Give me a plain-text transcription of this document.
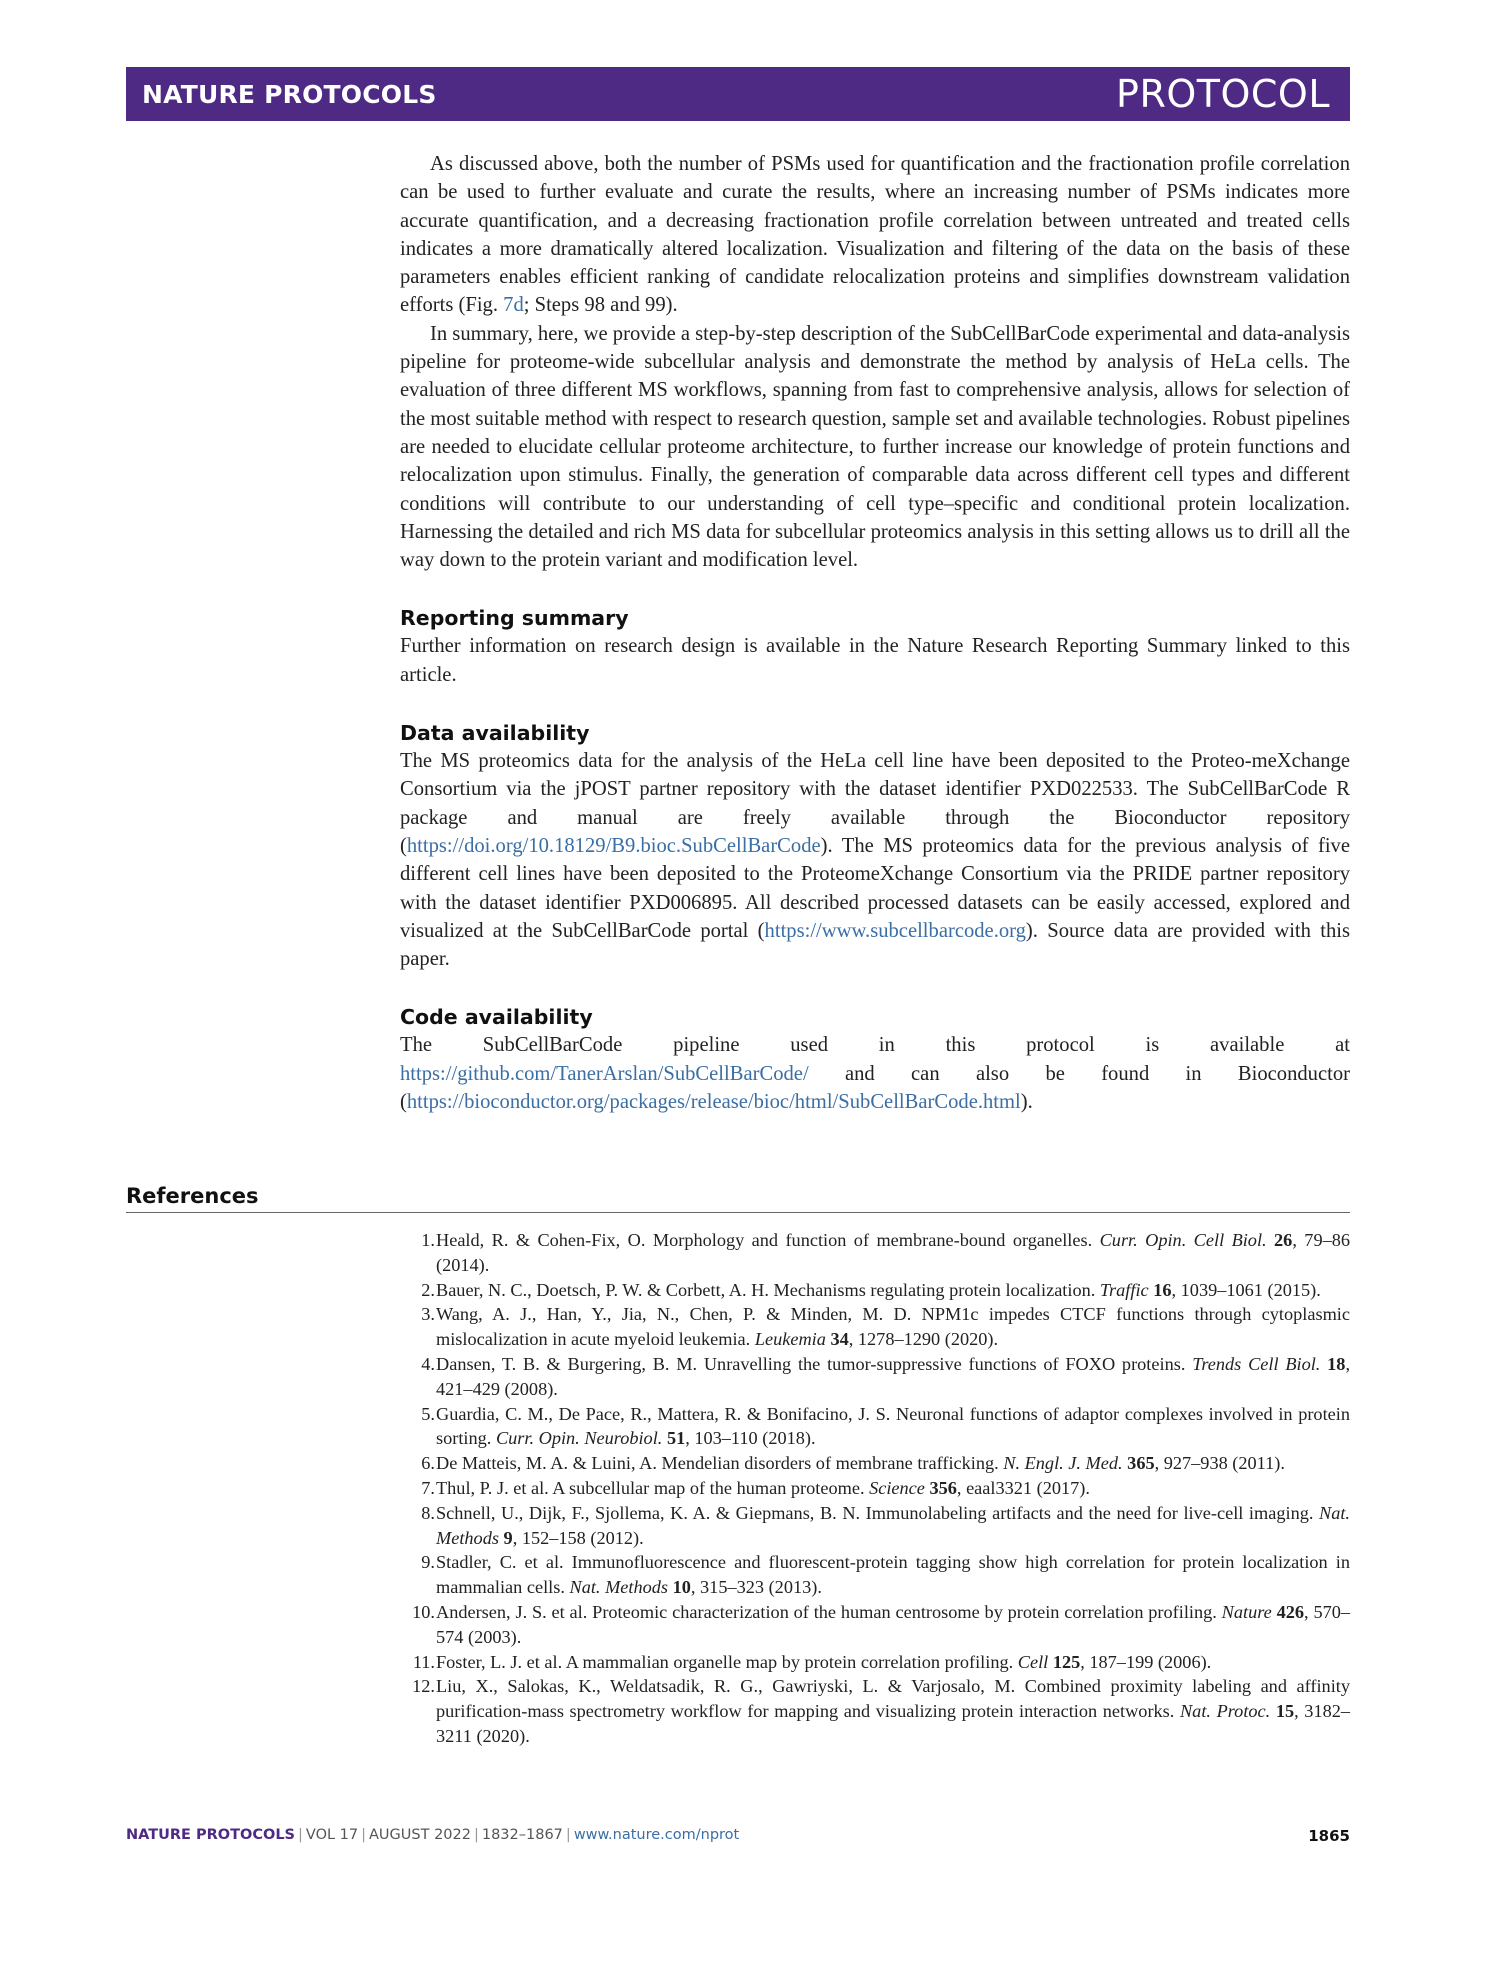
NATURE PROTOCOLS	PROTOCOL

As discussed above, both the number of PSMs used for quantification and the fractionation profile correlation can be used to further evaluate and curate the results, where an increasing number of PSMs indicates more accurate quantification, and a decreasing fractionation profile correlation between untreated and treated cells indicates a more dramatically altered localization. Visualization and filtering of the data on the basis of these parameters enables efficient ranking of candidate relocalization proteins and simplifies downstream validation efforts (Fig. 7d; Steps 98 and 99).

In summary, here, we provide a step-by-step description of the SubCellBarCode experimental and data-analysis pipeline for proteome-wide subcellular analysis and demonstrate the method by analysis of HeLa cells. The evaluation of three different MS workflows, spanning from fast to comprehensive analysis, allows for selection of the most suitable method with respect to research question, sample set and available technologies. Robust pipelines are needed to elucidate cellular proteome architecture, to further increase our knowledge of protein functions and relocalization upon stimulus. Finally, the generation of comparable data across different cell types and different conditions will contribute to our understanding of cell type–specific and conditional protein localization. Harnessing the detailed and rich MS data for subcellular proteomics analysis in this setting allows us to drill all the way down to the protein variant and modification level.

Reporting summary

Further information on research design is available in the Nature Research Reporting Summary linked to this article.

Data availability

The MS proteomics data for the analysis of the HeLa cell line have been deposited to the Proteo-meXchange Consortium via the jPOST partner repository with the dataset identifier PXD022533. The SubCellBarCode R package and manual are freely available through the Bioconductor repository (https://doi.org/10.18129/B9.bioc.SubCellBarCode). The MS proteomics data for the previous analysis of five different cell lines have been deposited to the ProteomeXchange Consortium via the PRIDE partner repository with the dataset identifier PXD006895. All described processed datasets can be easily accessed, explored and visualized at the SubCellBarCode portal (https://www.subcellbarcode.org). Source data are provided with this paper.

Code availability

The SubCellBarCode pipeline used in this protocol is available at https://github.com/TanerArslan/SubCellBarCode/ and can also be found in Bioconductor (https://bioconductor.org/packages/release/bioc/html/SubCellBarCode.html).

References
1. Heald, R. & Cohen-Fix, O. Morphology and function of membrane-bound organelles. Curr. Opin. Cell Biol. 26, 79–86 (2014).
2. Bauer, N. C., Doetsch, P. W. & Corbett, A. H. Mechanisms regulating protein localization. Traffic 16, 1039–1061 (2015).
3. Wang, A. J., Han, Y., Jia, N., Chen, P. & Minden, M. D. NPM1c impedes CTCF functions through cytoplasmic mislocalization in acute myeloid leukemia. Leukemia 34, 1278–1290 (2020).
4. Dansen, T. B. & Burgering, B. M. Unravelling the tumor-suppressive functions of FOXO proteins. Trends Cell Biol. 18, 421–429 (2008).
5. Guardia, C. M., De Pace, R., Mattera, R. & Bonifacino, J. S. Neuronal functions of adaptor complexes involved in protein sorting. Curr. Opin. Neurobiol. 51, 103–110 (2018).
6. De Matteis, M. A. & Luini, A. Mendelian disorders of membrane trafficking. N. Engl. J. Med. 365, 927–938 (2011).
7. Thul, P. J. et al. A subcellular map of the human proteome. Science 356, eaal3321 (2017).
8. Schnell, U., Dijk, F., Sjollema, K. A. & Giepmans, B. N. Immunolabeling artifacts and the need for live-cell imaging. Nat. Methods 9, 152–158 (2012).
9. Stadler, C. et al. Immunofluorescence and fluorescent-protein tagging show high correlation for protein localization in mammalian cells. Nat. Methods 10, 315–323 (2013).
10. Andersen, J. S. et al. Proteomic characterization of the human centrosome by protein correlation profiling. Nature 426, 570–574 (2003).
11. Foster, L. J. et al. A mammalian organelle map by protein correlation profiling. Cell 125, 187–199 (2006).
12. Liu, X., Salokas, K., Weldatsadik, R. G., Gawriyski, L. & Varjosalo, M. Combined proximity labeling and affinity purification-mass spectrometry workflow for mapping and visualizing protein interaction networks. Nat. Protoc. 15, 3182–3211 (2020).
NATURE PROTOCOLS | VOL 17 | AUGUST 2022 | 1832–1867 | www.nature.com/nprot	1865
